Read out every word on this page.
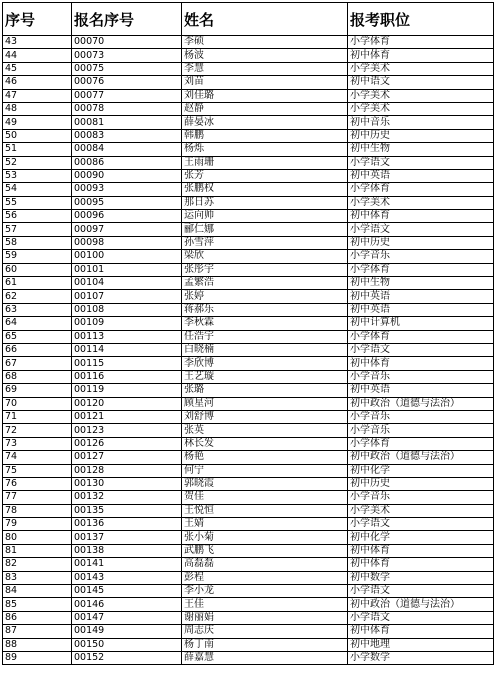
序号	报名序号	姓名	报考职位
43	00070	李硕	小学体育
44	00073	杨波	初中体育
45	00075	李慧	小学美术
46	00076	刘苗	初中语文
47	00077	刘佳璐	小学美术
48	00078	赵静	小学美术
49	00081	薛晏冰	初中音乐
50	00083	韩鹏	初中历史
51	00084	杨烁	初中生物
52	00086	王雨珊	小学语文
53	00090	张芳	初中英语
54	00093	张鹏权	小学体育
55	00095	那日苏	小学美术
56	00096	运向帅	初中体育
57	00097	郦仁娜	小学语文
58	00098	孙雪萍	初中历史
59	00100	梁欣	小学音乐
60	00101	张彤宇	小学体育
61	00104	孟繁浩	初中生物
62	00107	张婷	初中英语
63	00108	蒋郝乐	初中英语
64	00109	李秋霖	初中计算机
65	00113	任浩宇	小学体育
66	00114	白晓楠	小学语文
67	00115	李欣博	初中体育
68	00116	王艺璇	小学音乐
69	00119	张璐	初中英语
70	00120	顾星河	初中政治（道德与法治）
71	00121	刘舒博	小学音乐
72	00123	张英	小学音乐
73	00126	林长发	小学体育
74	00127	杨艳	初中政治（道德与法治）
75	00128	何宁	初中化学
76	00130	郭晓霞	初中历史
77	00132	贺佳	小学音乐
78	00135	王悦恒	小学美术
79	00136	王婧	小学语文
80	00137	张小菊	初中化学
81	00138	武鹏飞	初中体育
82	00141	高磊磊	初中体育
83	00143	彭程	初中数学
84	00145	李小龙	小学语文
85	00146	王佳	初中政治（道德与法治）
86	00147	谢丽娟	小学语文
87	00149	周志庆	初中体育
88	00150	杨丁南	初中地理
89	00152	薛嘉慧	小学数学
